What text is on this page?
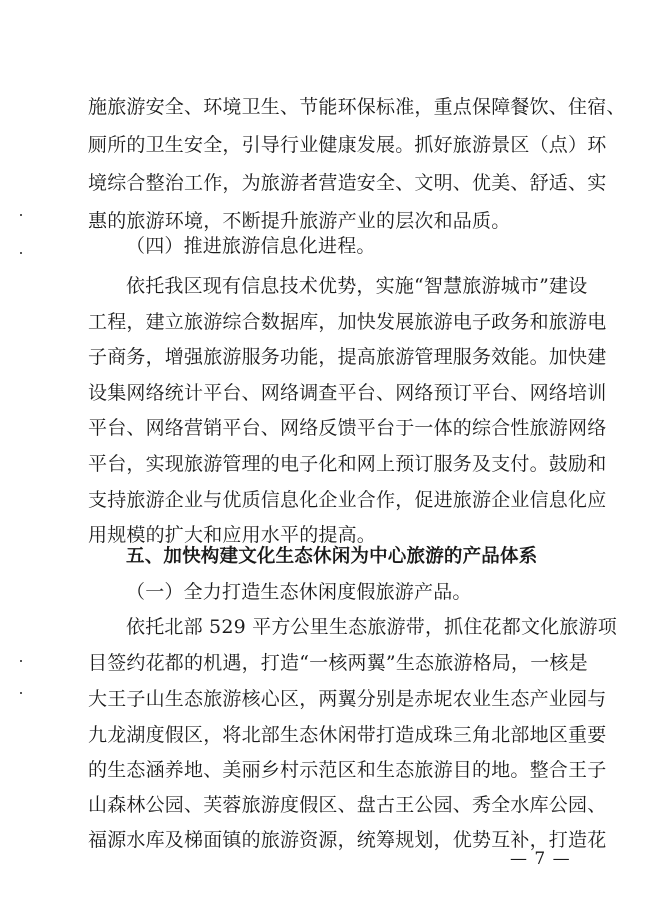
施旅游安全、环境卫生、节能环保标准，重点保障餐饮、住宿、
厕所的卫生安全，引导行业健康发展。抓好旅游景区（点）环
境综合整治工作，为旅游者营造安全、文明、优美、舒适、实
惠的旅游环境，不断提升旅游产业的层次和品质。
（四）推进旅游信息化进程。
依托我区现有信息技术优势，实施“智慧旅游城市”建设
工程，建立旅游综合数据库，加快发展旅游电子政务和旅游电
子商务，增强旅游服务功能，提高旅游管理服务效能。加快建
设集网络统计平台、网络调查平台、网络预订平台、网络培训
平台、网络营销平台、网络反馈平台于一体的综合性旅游网络
平台，实现旅游管理的电子化和网上预订服务及支付。鼓励和
支持旅游企业与优质信息化企业合作，促进旅游企业信息化应
用规模的扩大和应用水平的提高。
五、加快构建文化生态休闲为中心旅游的产品体系
（一）全力打造生态休闲度假旅游产品。
依托北部 529 平方公里生态旅游带，抓住花都文化旅游项
目签约花都的机遇，打造“一核两翼”生态旅游格局，一核是
大王子山生态旅游核心区，两翼分别是赤坭农业生态产业园与
九龙湖度假区，将北部生态休闲带打造成珠三角北部地区重要
的生态涵养地、美丽乡村示范区和生态旅游目的地。整合王子
山森林公园、芙蓉旅游度假区、盘古王公园、秀全水库公园、
福源水库及梯面镇的旅游资源，统筹规划，优势互补，打造花
— 7 —
